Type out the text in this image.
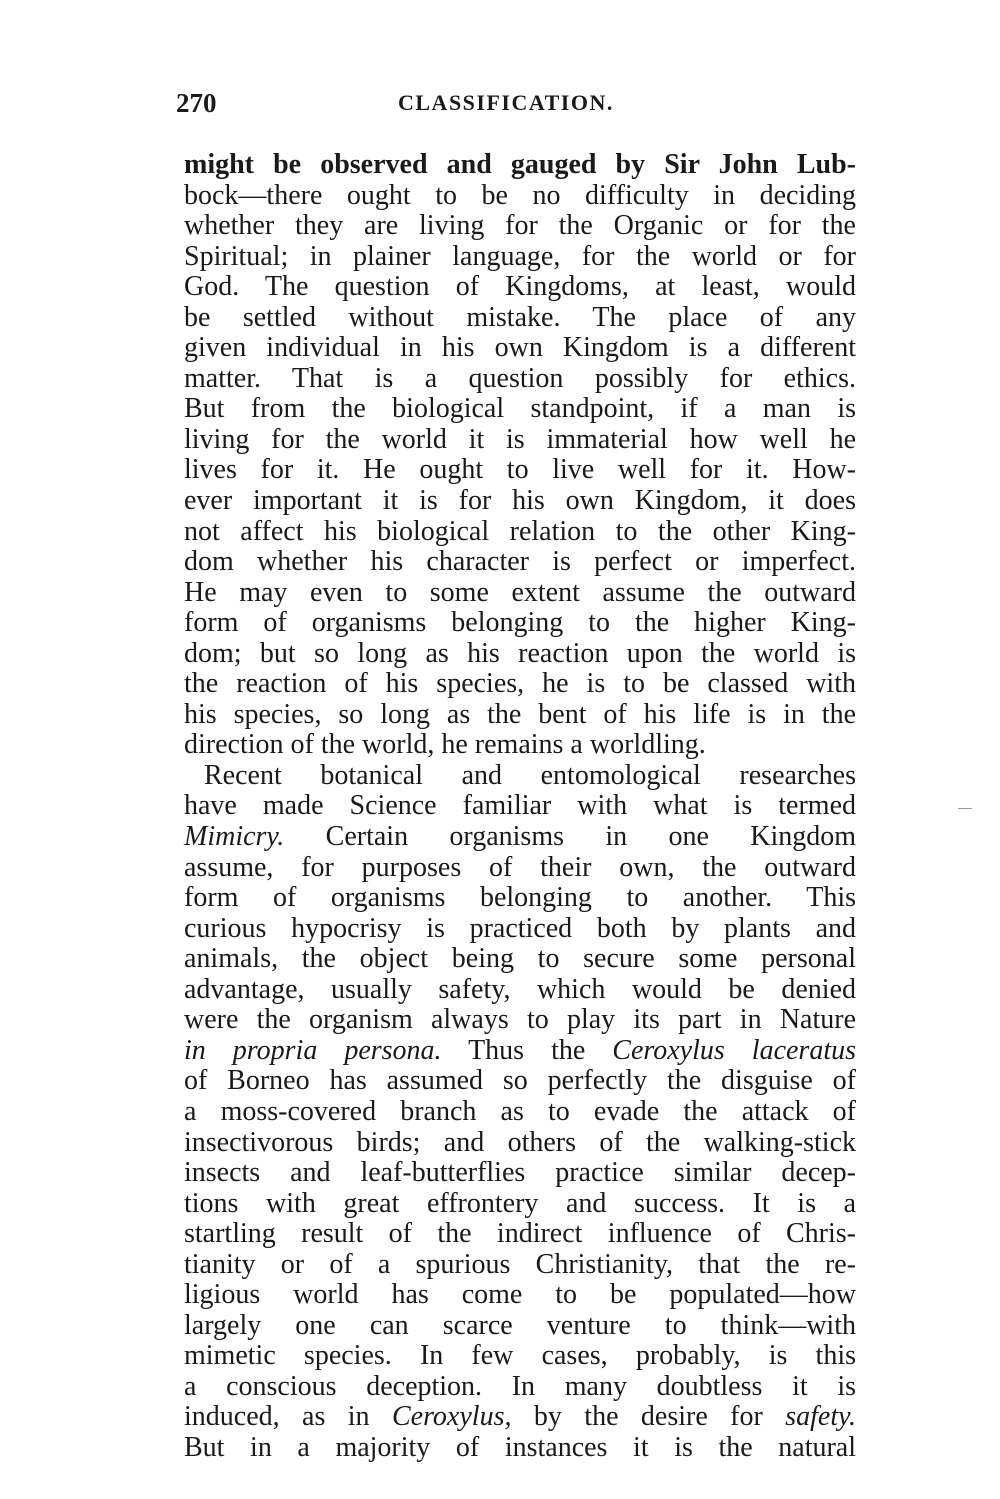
270	CLASSIFICATION.
might be observed and gauged by Sir John Lub-
bock—there ought to be no difficulty in deciding
whether they are living for the Organic or for the
Spiritual; in plainer language, for the world or for
God. The question of Kingdoms, at least, would
be settled without mistake. The place of any
given individual in his own Kingdom is a different
matter. That is a question possibly for ethics.
But from the biological standpoint, if a man is
living for the world it is immaterial how well he
lives for it. He ought to live well for it. How-
ever important it is for his own Kingdom, it does
not affect his biological relation to the other King-
dom whether his character is perfect or imperfect.
He may even to some extent assume the outward
form of organisms belonging to the higher King-
dom; but so long as his reaction upon the world is
the reaction of his species, he is to be classed with
his species, so long as the bent of his life is in the
direction of the world, he remains a worldling.
Recent botanical and entomological researches
have made Science familiar with what is termed
Mimicry. Certain organisms in one Kingdom
assume, for purposes of their own, the outward
form of organisms belonging to another. This
curious hypocrisy is practiced both by plants and
animals, the object being to secure some personal
advantage, usually safety, which would be denied
were the organism always to play its part in Nature
in propria persona. Thus the Ceroxylus laceratus
of Borneo has assumed so perfectly the disguise of
a moss-covered branch as to evade the attack of
insectivorous birds; and others of the walking-stick
insects and leaf-butterflies practice similar decep-
tions with great effrontery and success. It is a
startling result of the indirect influence of Chris-
tianity or of a spurious Christianity, that the re-
ligious world has come to be populated—how
largely one can scarce venture to think—with
mimetic species. In few cases, probably, is this
a conscious deception. In many doubtless it is
induced, as in Ceroxylus, by the desire for safety.
But in a majority of instances it is the natural
